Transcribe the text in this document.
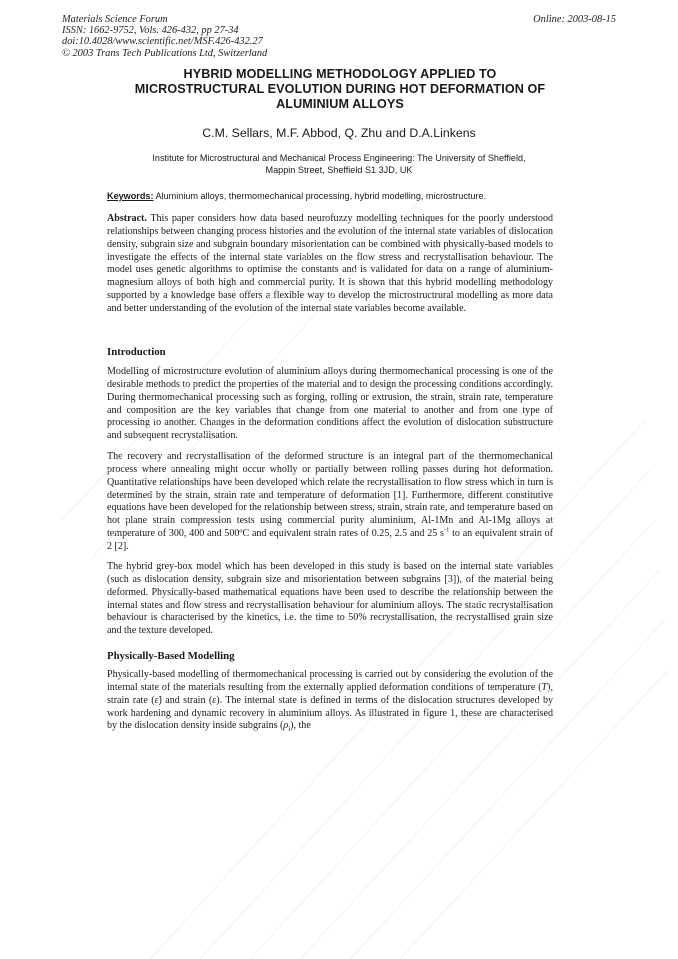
Materials Science Forum
ISSN: 1662-9752, Vols. 426-432, pp 27-34
doi:10.4028/www.scientific.net/MSF.426-432.27
© 2003 Trans Tech Publications Ltd, Switzerland
Online: 2003-08-15
HYBRID MODELLING METHODOLOGY APPLIED TO
MICROSTRUCTURAL EVOLUTION DURING HOT DEFORMATION OF
ALUMINIUM ALLOYS
C.M. Sellars, M.F. Abbod, Q. Zhu and D.A.Linkens
Institute for Microstructural and Mechanical Process Engineering: The University of Sheffield,
Mappin Street, Sheffield S1 3JD, UK
Keywords: Aluminium alloys, thermomechanical processing, hybrid modelling, microstructure.
Abstract. This paper considers how data based neurofuzzy modelling techniques for the poorly understood relationships between changing process histories and the evolution of the internal state variables of dislocation density, subgrain size and subgrain boundary misorientation can be combined with physically-based models to investigate the effects of the internal state variables on the flow stress and recrystallisation behaviour. The model uses genetic algorithms to optimise the constants and is validated for data on a range of aluminium-magnesium alloys of both high and commercial purity. It is shown that this hybrid modelling methodology supported by a knowledge base offers a flexible way to develop the microstructrural modelling as more data and better understanding of the evolution of the internal state variables become available.
Introduction
Modelling of microstructure evolution of aluminium alloys during thermomechanical processing is one of the desirable methods to predict the properties of the material and to design the processing conditions accordingly. During thermomechanical processing such as forging, rolling or extrusion, the strain, strain rate, temperature and composition are the key variables that change from one material to another and from one type of processing to another. Changes in the deformation conditions affect the evolution of dislocation substructure and subsequent recrystallisation.
The recovery and recrystallisation of the deformed structure is an integral part of the thermomechanical process where annealing might occur wholly or partially between rolling passes during hot deformation. Quantitative relationships have been developed which relate the recrystallisation to flow stress which in turn is determined by the strain, strain rate and temperature of deformation [1]. Furthermore, different constitutive equations have been developed for the relationship between stress, strain, strain rate, and temperature based on hot plane strain compression tests using commercial purity aluminium, Al-1Mn and Al-1Mg alloys at temperature of 300, 400 and 500ºC and equivalent strain rates of 0.25, 2.5 and 25 $s^{-1}$ to an equivalent strain of 2 [2].
The hybrid grey-box model which has been developed in this study is based on the internal state variables (such as dislocation density, subgrain size and misorientation between subgrains [3]), of the material being deformed. Physically-based mathematical equations have been used to describe the relationship between the internal states and flow stress and recrystallisation behaviour for aluminium alloys. The static recrystallisation behaviour is characterised by the kinetics, i.e. the time to 50% recrystallisation, the recrystallised grain size and the texture developed.
Physically-Based Modelling
Physically-based modelling of thermomechanical processing is carried out by considering the evolution of the internal state of the materials resulting from the externally applied deformation conditions of temperature (T), strain rate (ε̇) and strain (ε). The internal state is defined in terms of the dislocation structures developed by work hardening and dynamic recovery in aluminium alloys. As illustrated in figure 1, these are characterised by the dislocation density inside subgrains $(\rho_i)$, the
